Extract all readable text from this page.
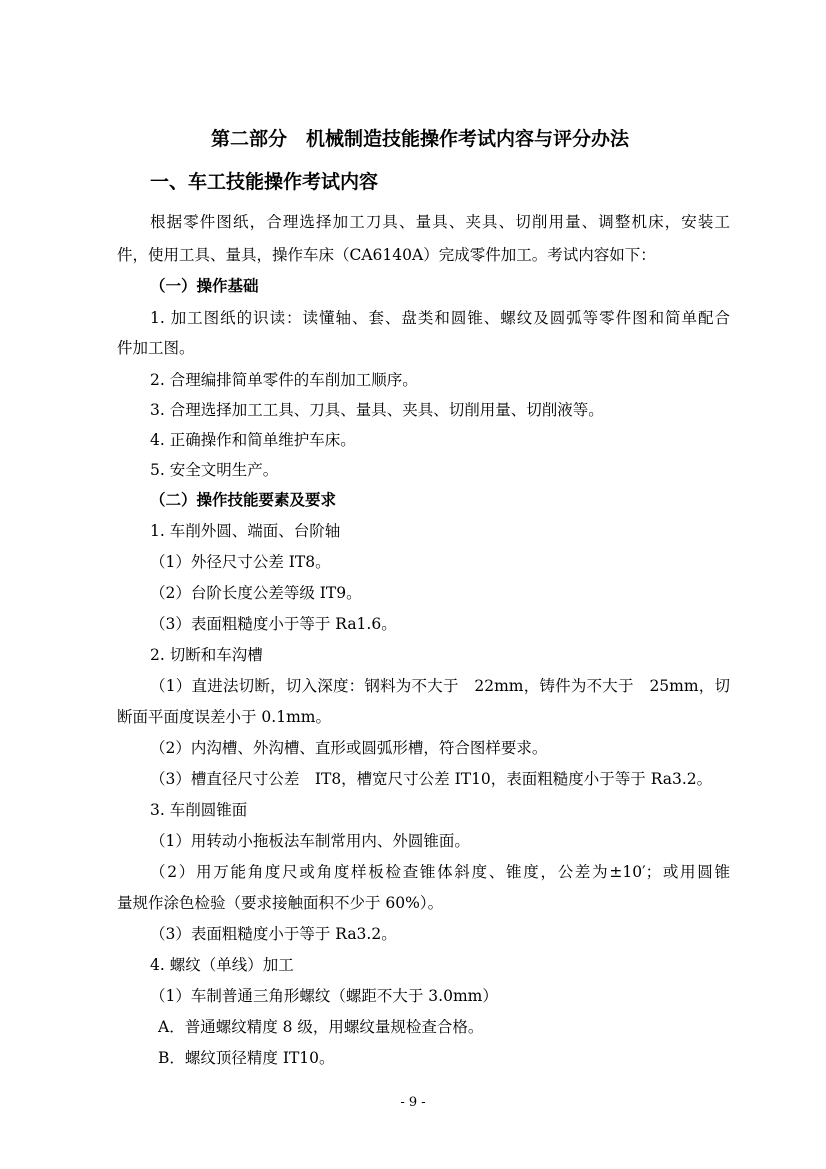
第二部分　机械制造技能操作考试内容与评分办法
一、车工技能操作考试内容
根据零件图纸，合理选择加工刀具、量具、夹具、切削用量、调整机床，安装工
件，使用工具、量具，操作车床（CA6140A）完成零件加工。考试内容如下：
（一）操作基础
1. 加工图纸的识读：读懂轴、套、盘类和圆锥、螺纹及圆弧等零件图和简单配合
件加工图。
2. 合理编排简单零件的车削加工顺序。
3. 合理选择加工工具、刀具、量具、夹具、切削用量、切削液等。
4. 正确操作和简单维护车床。
5. 安全文明生产。
（二）操作技能要素及要求
1. 车削外圆、端面、台阶轴
（1）外径尺寸公差 IT8。
（2）台阶长度公差等级 IT9。
（3）表面粗糙度小于等于 Ra1.6。
2. 切断和车沟槽
（1）直进法切断，切入深度：钢料为不大于　22mm，铸件为不大于　25mm，切
断面平面度误差小于 0.1mm。
（2）内沟槽、外沟槽、直形或圆弧形槽，符合图样要求。
（3）槽直径尺寸公差　IT8，槽宽尺寸公差 IT10，表面粗糙度小于等于 Ra3.2。
3. 车削圆锥面
（1）用转动小拖板法车制常用内、外圆锥面。
（2）用万能角度尺或角度样板检查锥体斜度、锥度，公差为±10′；或用圆锥
量规作涂色检验（要求接触面积不少于 60%）。
（3）表面粗糙度小于等于 Ra3.2。
4. 螺纹（单线）加工
（1）车制普通三角形螺纹（螺距不大于 3.0mm）
A．普通螺纹精度 8 级，用螺纹量规检查合格。
B．螺纹顶径精度 IT10。
- 9 -
